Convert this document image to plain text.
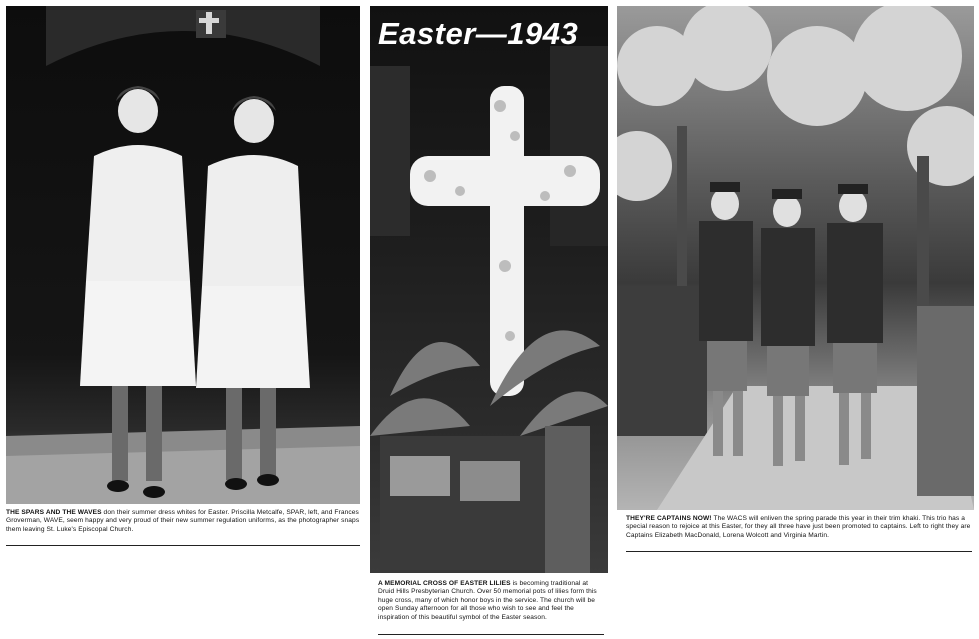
THE SPARS AND THE WAVES don their summer dress whites for Easter. Priscilla Metcalfe, SPAR, left, and Frances Groverman, WAVE, seem happy and very proud of their new summer regulation uniforms, as the photographer snaps them leaving St. Luke's Episcopal Church.
Easter—1943
A MEMORIAL CROSS OF EASTER LILIES is becoming traditional at Druid Hills Presbyterian Church. Over 50 memorial pots of lilies form this huge cross, many of which honor boys in the service. The church will be open Sunday afternoon for all those who wish to see and feel the inspiration of this beautiful symbol of the Easter season.
THEY'RE CAPTAINS NOW! The WACS will enliven the spring parade this year in their trim khaki. This trio has a special reason to rejoice at this Easter, for they all three have just been promoted to captains. Left to right they are Captains Elizabeth MacDonald, Lorena Wolcott and Virginia Martin.
